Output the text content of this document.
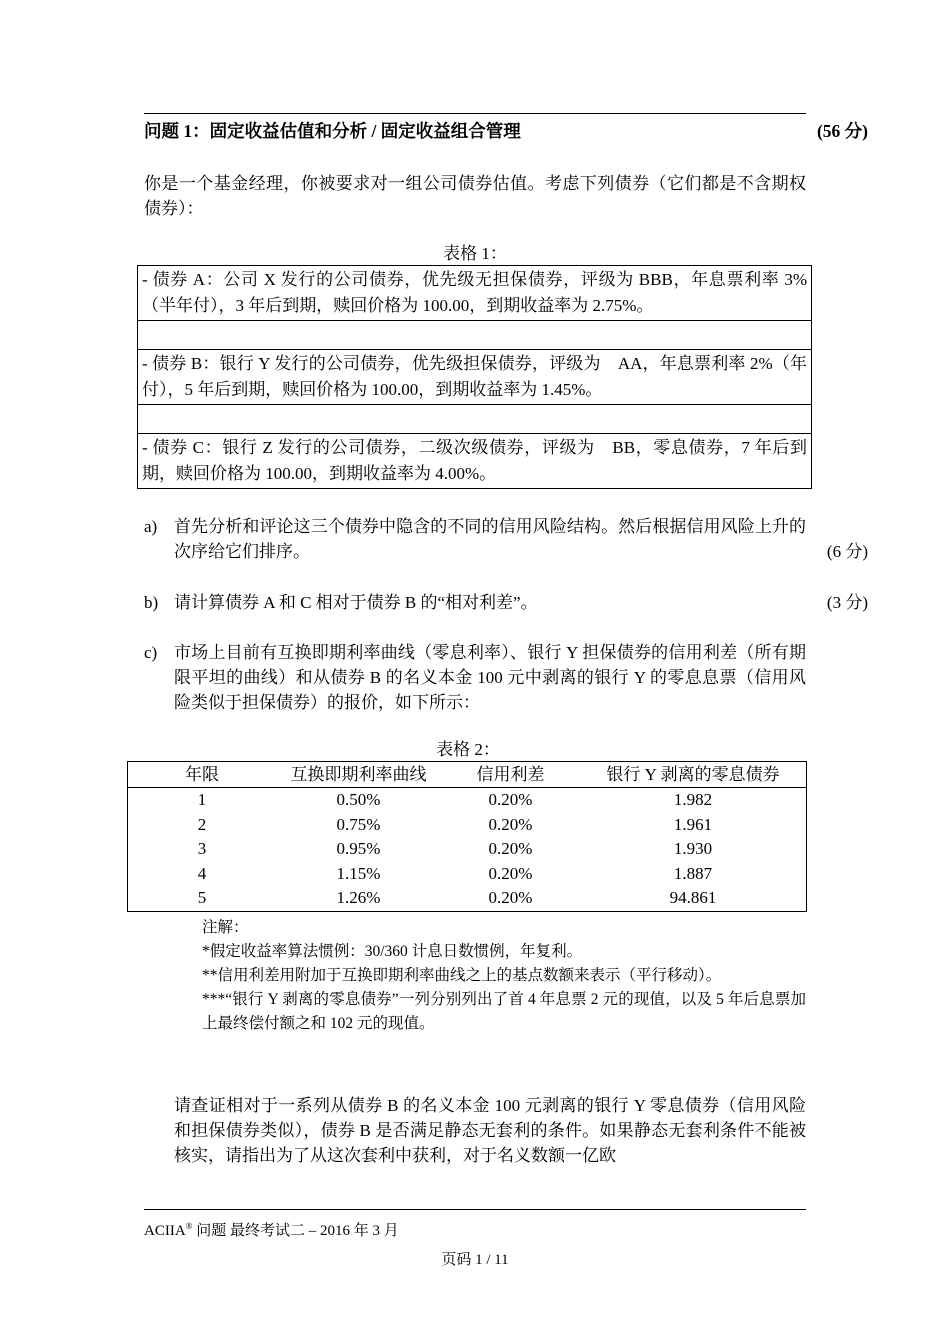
问题 1：固定收益估值和分析 / 固定收益组合管理	(56 分)
你是一个基金经理，你被要求对一组公司债券估值。考虑下列债券（它们都是不含期权债券）：
表格 1：
- 债券 A：公司 X 发行的公司债券，优先级无担保债券，评级为 BBB，年息票利率 3%（半年付），3 年后到期，赎回价格为 100.00，到期收益率为 2.75%。

- 债券 B：银行 Y 发行的公司债券，优先级担保债券，评级为　AA，年息票利率 2%（年付），5 年后到期，赎回价格为 100.00，到期收益率为 1.45%。

- 债券 C：银行 Z 发行的公司债券，二级次级债券，评级为　BB，零息债券，7 年后到期，赎回价格为 100.00，到期收益率为 4.00%。
a) 首先分析和评论这三个债券中隐含的不同的信用风险结构。然后根据信用风险上升的次序给它们排序。	(6 分)
b) 请计算债券 A 和 C 相对于债券 B 的“相对利差”。	(3 分)
c) 市场上目前有互换即期利率曲线（零息利率）、银行 Y 担保债券的信用利差（所有期限平坦的曲线）和从债券 B 的名义本金 100 元中剥离的银行 Y 的零息息票（信用风险类似于担保债券）的报价，如下所示：
表格 2：
年限	互换即期利率曲线	信用利差	银行 Y 剥离的零息债券
1	0.50%	0.20%	1.982
2	0.75%	0.20%	1.961
3	0.95%	0.20%	1.930
4	1.15%	0.20%	1.887
5	1.26%	0.20%	94.861
注解：
*假定收益率算法惯例：30/360 计息日数惯例，年复利。
**信用利差用附加于互换即期利率曲线之上的基点数额来表示（平行移动）。
***“银行 Y 剥离的零息债券”一列分别列出了首 4 年息票 2 元的现值，以及 5 年后息票加上最终偿付额之和 102 元的现值。
请查证相对于一系列从债券 B 的名义本金 100 元剥离的银行 Y 零息债券（信用风险和担保债券类似），债券 B 是否满足静态无套利的条件。如果静态无套利条件不能被核实，请指出为了从这次套利中获利，对于名义数额一亿欧
ACIIA® 问题 最终考试二 – 2016 年 3 月
页码 1 / 11
